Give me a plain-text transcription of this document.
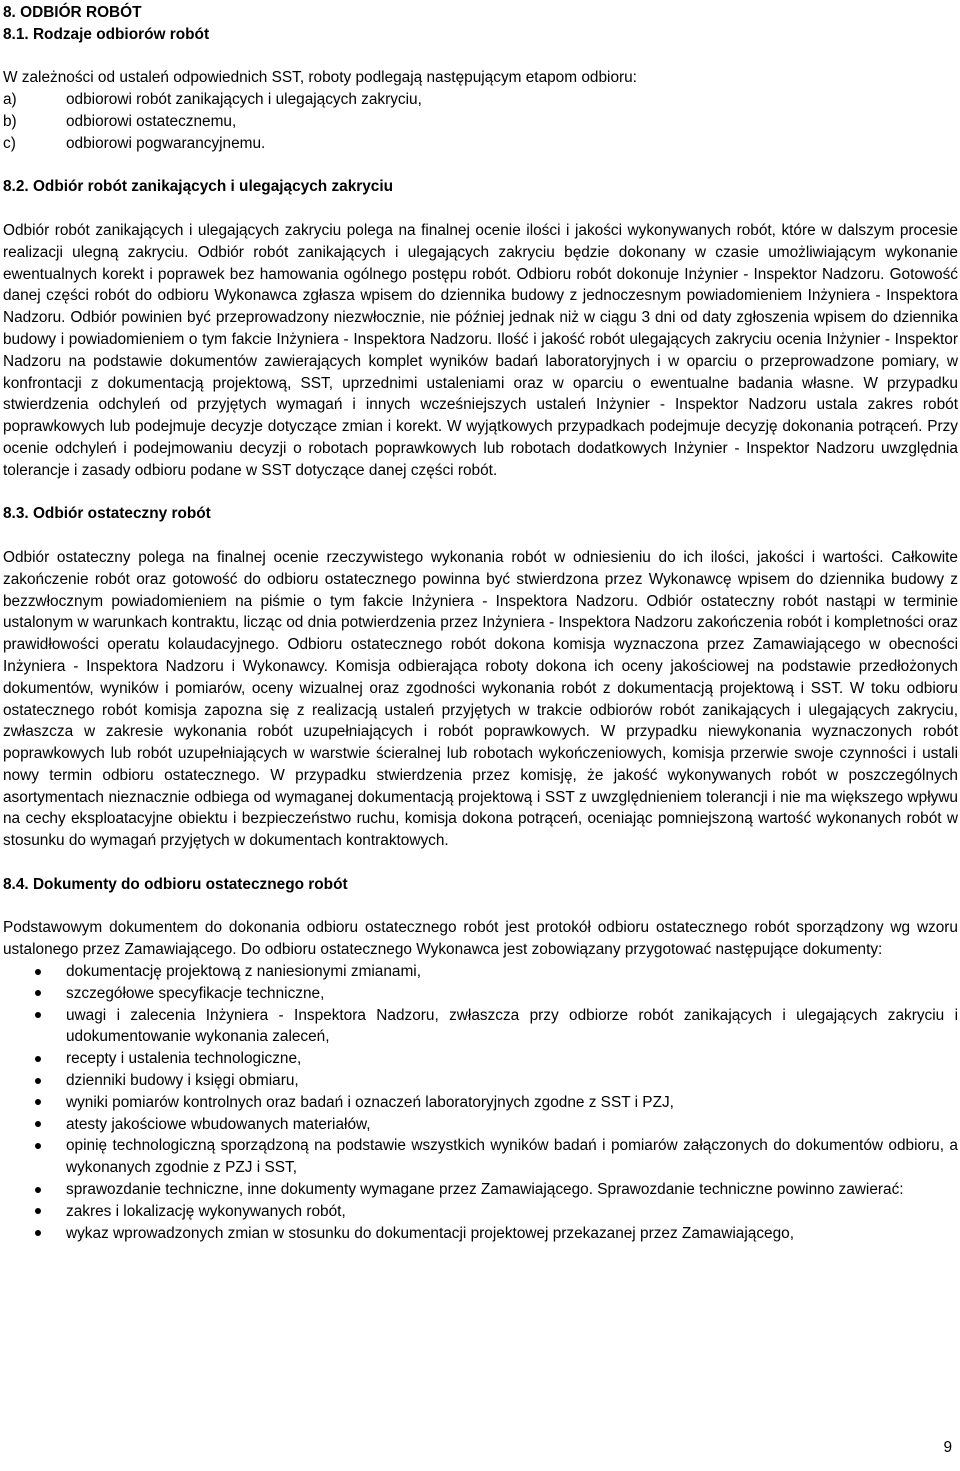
8. ODBIÓR ROBÓT

8.1. Rodzaje odbiorów robót

W zależności od ustaleń odpowiednich SST, roboty podlegają następującym etapom odbioru:

a)	odbiorowi robót zanikających i ulegających zakryciu,
b)	odbiorowi ostatecznemu,
c)	odbiorowi pogwarancyjnemu.

8.2. Odbiór robót zanikających i ulegających zakryciu

Odbiór robót zanikających i ulegających zakryciu polega na finalnej ocenie ilości i jakości wykonywanych robót, które w dalszym procesie realizacji ulegną zakryciu. Odbiór robót zanikających i ulegających zakryciu będzie dokonany w czasie umożliwiającym wykonanie ewentualnych korekt i poprawek bez hamowania ogólnego postępu robót. Odbioru robót dokonuje Inżynier - Inspektor Nadzoru. Gotowość danej części robót do odbioru Wykonawca zgłasza wpisem do dziennika budowy z jednoczesnym powiadomieniem Inżyniera - Inspektora Nadzoru. Odbiór powinien być przeprowadzony niezwłocznie, nie później jednak niż w ciągu 3 dni od daty zgłoszenia wpisem do dziennika budowy i powiadomieniem o tym fakcie Inżyniera - Inspektora Nadzoru. Ilość i jakość robót ulegających zakryciu ocenia Inżynier - Inspektor Nadzoru na podstawie dokumentów zawierających komplet wyników badań laboratoryjnych i w oparciu o przeprowadzone pomiary, w konfrontacji z dokumentacją projektową, SST, uprzednimi ustaleniami oraz w oparciu o ewentualne badania własne. W przypadku stwierdzenia odchyleń od przyjętych wymagań i innych wcześniejszych ustaleń Inżynier - Inspektor Nadzoru ustala zakres robót poprawkowych lub podejmuje decyzje dotyczące zmian i korekt. W wyjątkowych przypadkach podejmuje decyzję dokonania potrąceń. Przy ocenie odchyleń i podejmowaniu decyzji o robotach poprawkowych lub robotach dodatkowych Inżynier - Inspektor Nadzoru uwzględnia tolerancje i zasady odbioru podane w SST dotyczące danej części robót.

8.3. Odbiór ostateczny robót

Odbiór ostateczny polega na finalnej ocenie rzeczywistego wykonania robót w odniesieniu do ich ilości, jakości i wartości. Całkowite zakończenie robót oraz gotowość do odbioru ostatecznego powinna być stwierdzona przez Wykonawcę wpisem do dziennika budowy z bezzwłocznym powiadomieniem na piśmie o tym fakcie Inżyniera - Inspektora Nadzoru. Odbiór ostateczny robót nastąpi w terminie ustalonym w warunkach kontraktu, licząc od dnia potwierdzenia przez Inżyniera - Inspektora Nadzoru zakończenia robót i kompletności oraz prawidłowości operatu kolaudacyjnego. Odbioru ostatecznego robót dokona komisja wyznaczona przez Zamawiającego w obecności Inżyniera - Inspektora Nadzoru i Wykonawcy. Komisja odbierająca roboty dokona ich oceny jakościowej na podstawie przedłożonych dokumentów, wyników i pomiarów, oceny wizualnej oraz zgodności wykonania robót z dokumentacją projektową i SST. W toku odbioru ostatecznego robót komisja zapozna się z realizacją ustaleń przyjętych w trakcie odbiorów robót zanikających i ulegających zakryciu, zwłaszcza w zakresie wykonania robót uzupełniających i robót poprawkowych. W przypadku niewykonania wyznaczonych robót poprawkowych lub robót uzupełniających w warstwie ścieralnej lub robotach wykończeniowych, komisja przerwie swoje czynności i ustali nowy termin odbioru ostatecznego. W przypadku stwierdzenia przez komisję, że jakość wykonywanych robót w poszczególnych asortymentach nieznacznie odbiega od wymaganej dokumentacją projektową i SST z uwzględnieniem tolerancji i nie ma większego wpływu na cechy eksploatacyjne obiektu i bezpieczeństwo ruchu, komisja dokona potrąceń, oceniając pomniejszoną wartość wykonanych robót w stosunku do wymagań przyjętych w dokumentach kontraktowych.

8.4. Dokumenty do odbioru ostatecznego robót

Podstawowym dokumentem do dokonania odbioru ostatecznego robót jest protokół odbioru ostatecznego robót sporządzony wg wzoru ustalonego przez Zamawiającego. Do odbioru ostatecznego Wykonawca jest zobowiązany przygotować następujące dokumenty:

dokumentację projektową z naniesionymi zmianami,
szczegółowe specyfikacje techniczne,
uwagi i zalecenia Inżyniera - Inspektora Nadzoru, zwłaszcza przy odbiorze robót zanikających i ulegających zakryciu i udokumentowanie wykonania zaleceń,
recepty i ustalenia technologiczne,
dzienniki budowy i księgi obmiaru,
wyniki pomiarów kontrolnych oraz badań i oznaczeń laboratoryjnych zgodne z SST i PZJ,
atesty jakościowe wbudowanych materiałów,
opinię technologiczną sporządzoną na podstawie wszystkich wyników badań i pomiarów załączonych do dokumentów odbioru, a wykonanych zgodnie z PZJ i SST,
sprawozdanie techniczne, inne dokumenty wymagane przez Zamawiającego. Sprawozdanie techniczne powinno zawierać:
zakres i lokalizację wykonywanych robót,
wykaz wprowadzonych zmian w stosunku do dokumentacji projektowej przekazanej przez Zamawiającego,
9
